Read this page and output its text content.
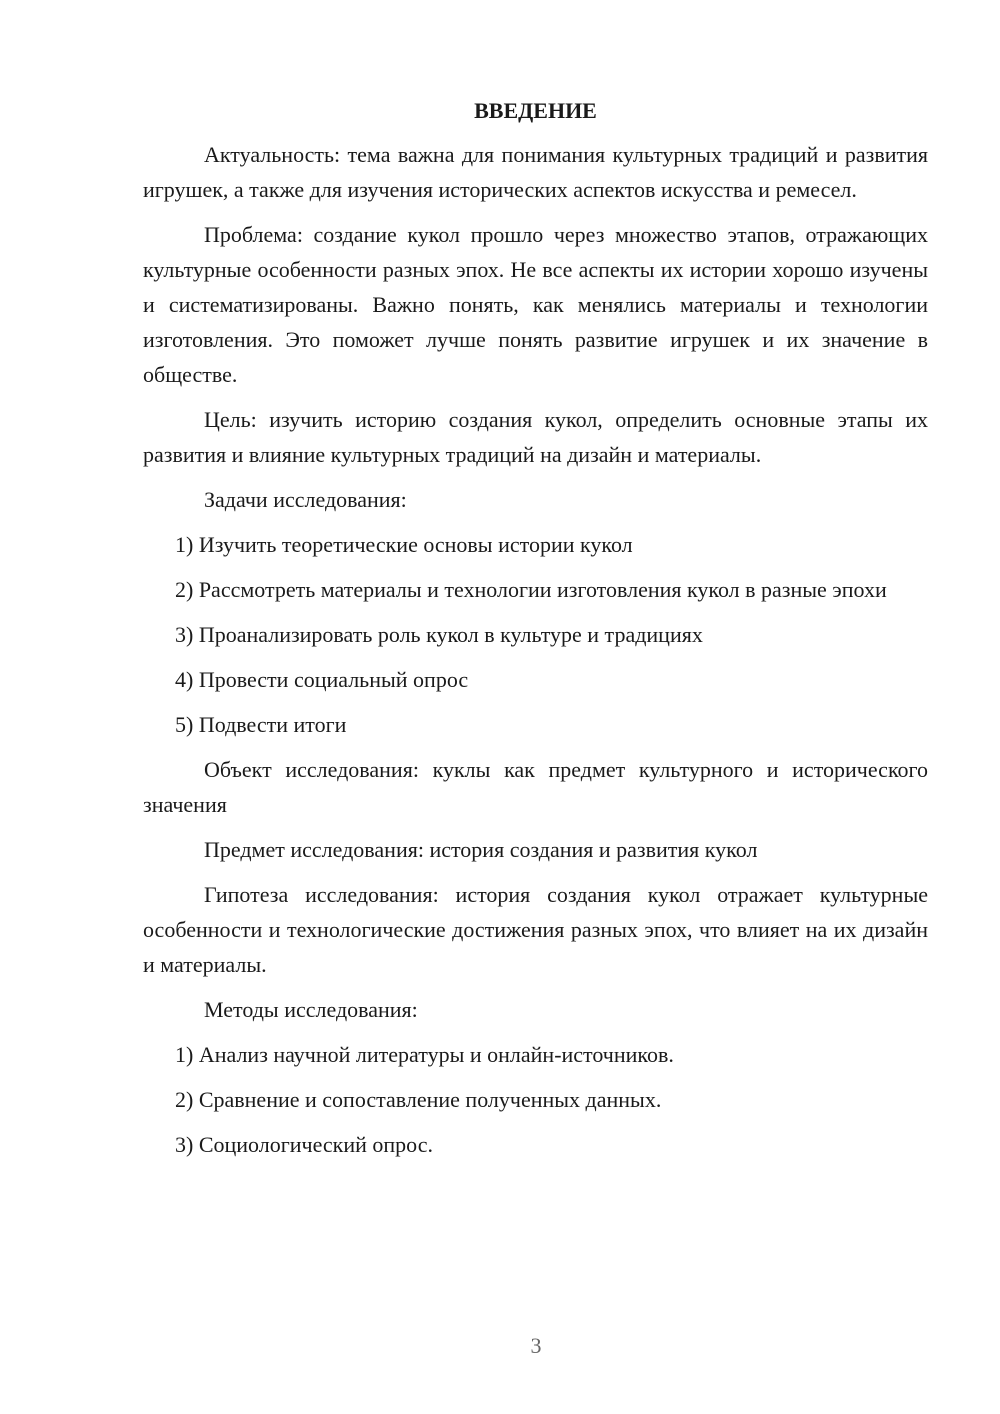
ВВЕДЕНИЕ

Актуальность: тема важна для понимания культурных традиций и развития игрушек, а также для изучения исторических аспектов искусства и ремесел.

Проблема: создание кукол прошло через множество этапов, отражающих культурные особенности разных эпох. Не все аспекты их истории хорошо изучены и систематизированы. Важно понять, как менялись материалы и технологии изготовления. Это поможет лучше понять развитие игрушек и их значение в обществе.

Цель: изучить историю создания кукол, определить основные этапы их развития и влияние культурных традиций на дизайн и материалы.

Задачи исследования:

1) Изучить теоретические основы истории кукол

2) Рассмотреть материалы и технологии изготовления кукол в разные эпохи

3) Проанализировать роль кукол в культуре и традициях

4) Провести социальный опрос

5) Подвести итоги

Объект исследования: куклы как предмет культурного и исторического значения

Предмет исследования: история создания и развития кукол

Гипотеза исследования: история создания кукол отражает культурные особенности и технологические достижения разных эпох, что влияет на их дизайн и материалы.

Методы исследования:

1) Анализ научной литературы и онлайн-источников.

2) Сравнение и сопоставление полученных данных.

3) Социологический опрос.

3
